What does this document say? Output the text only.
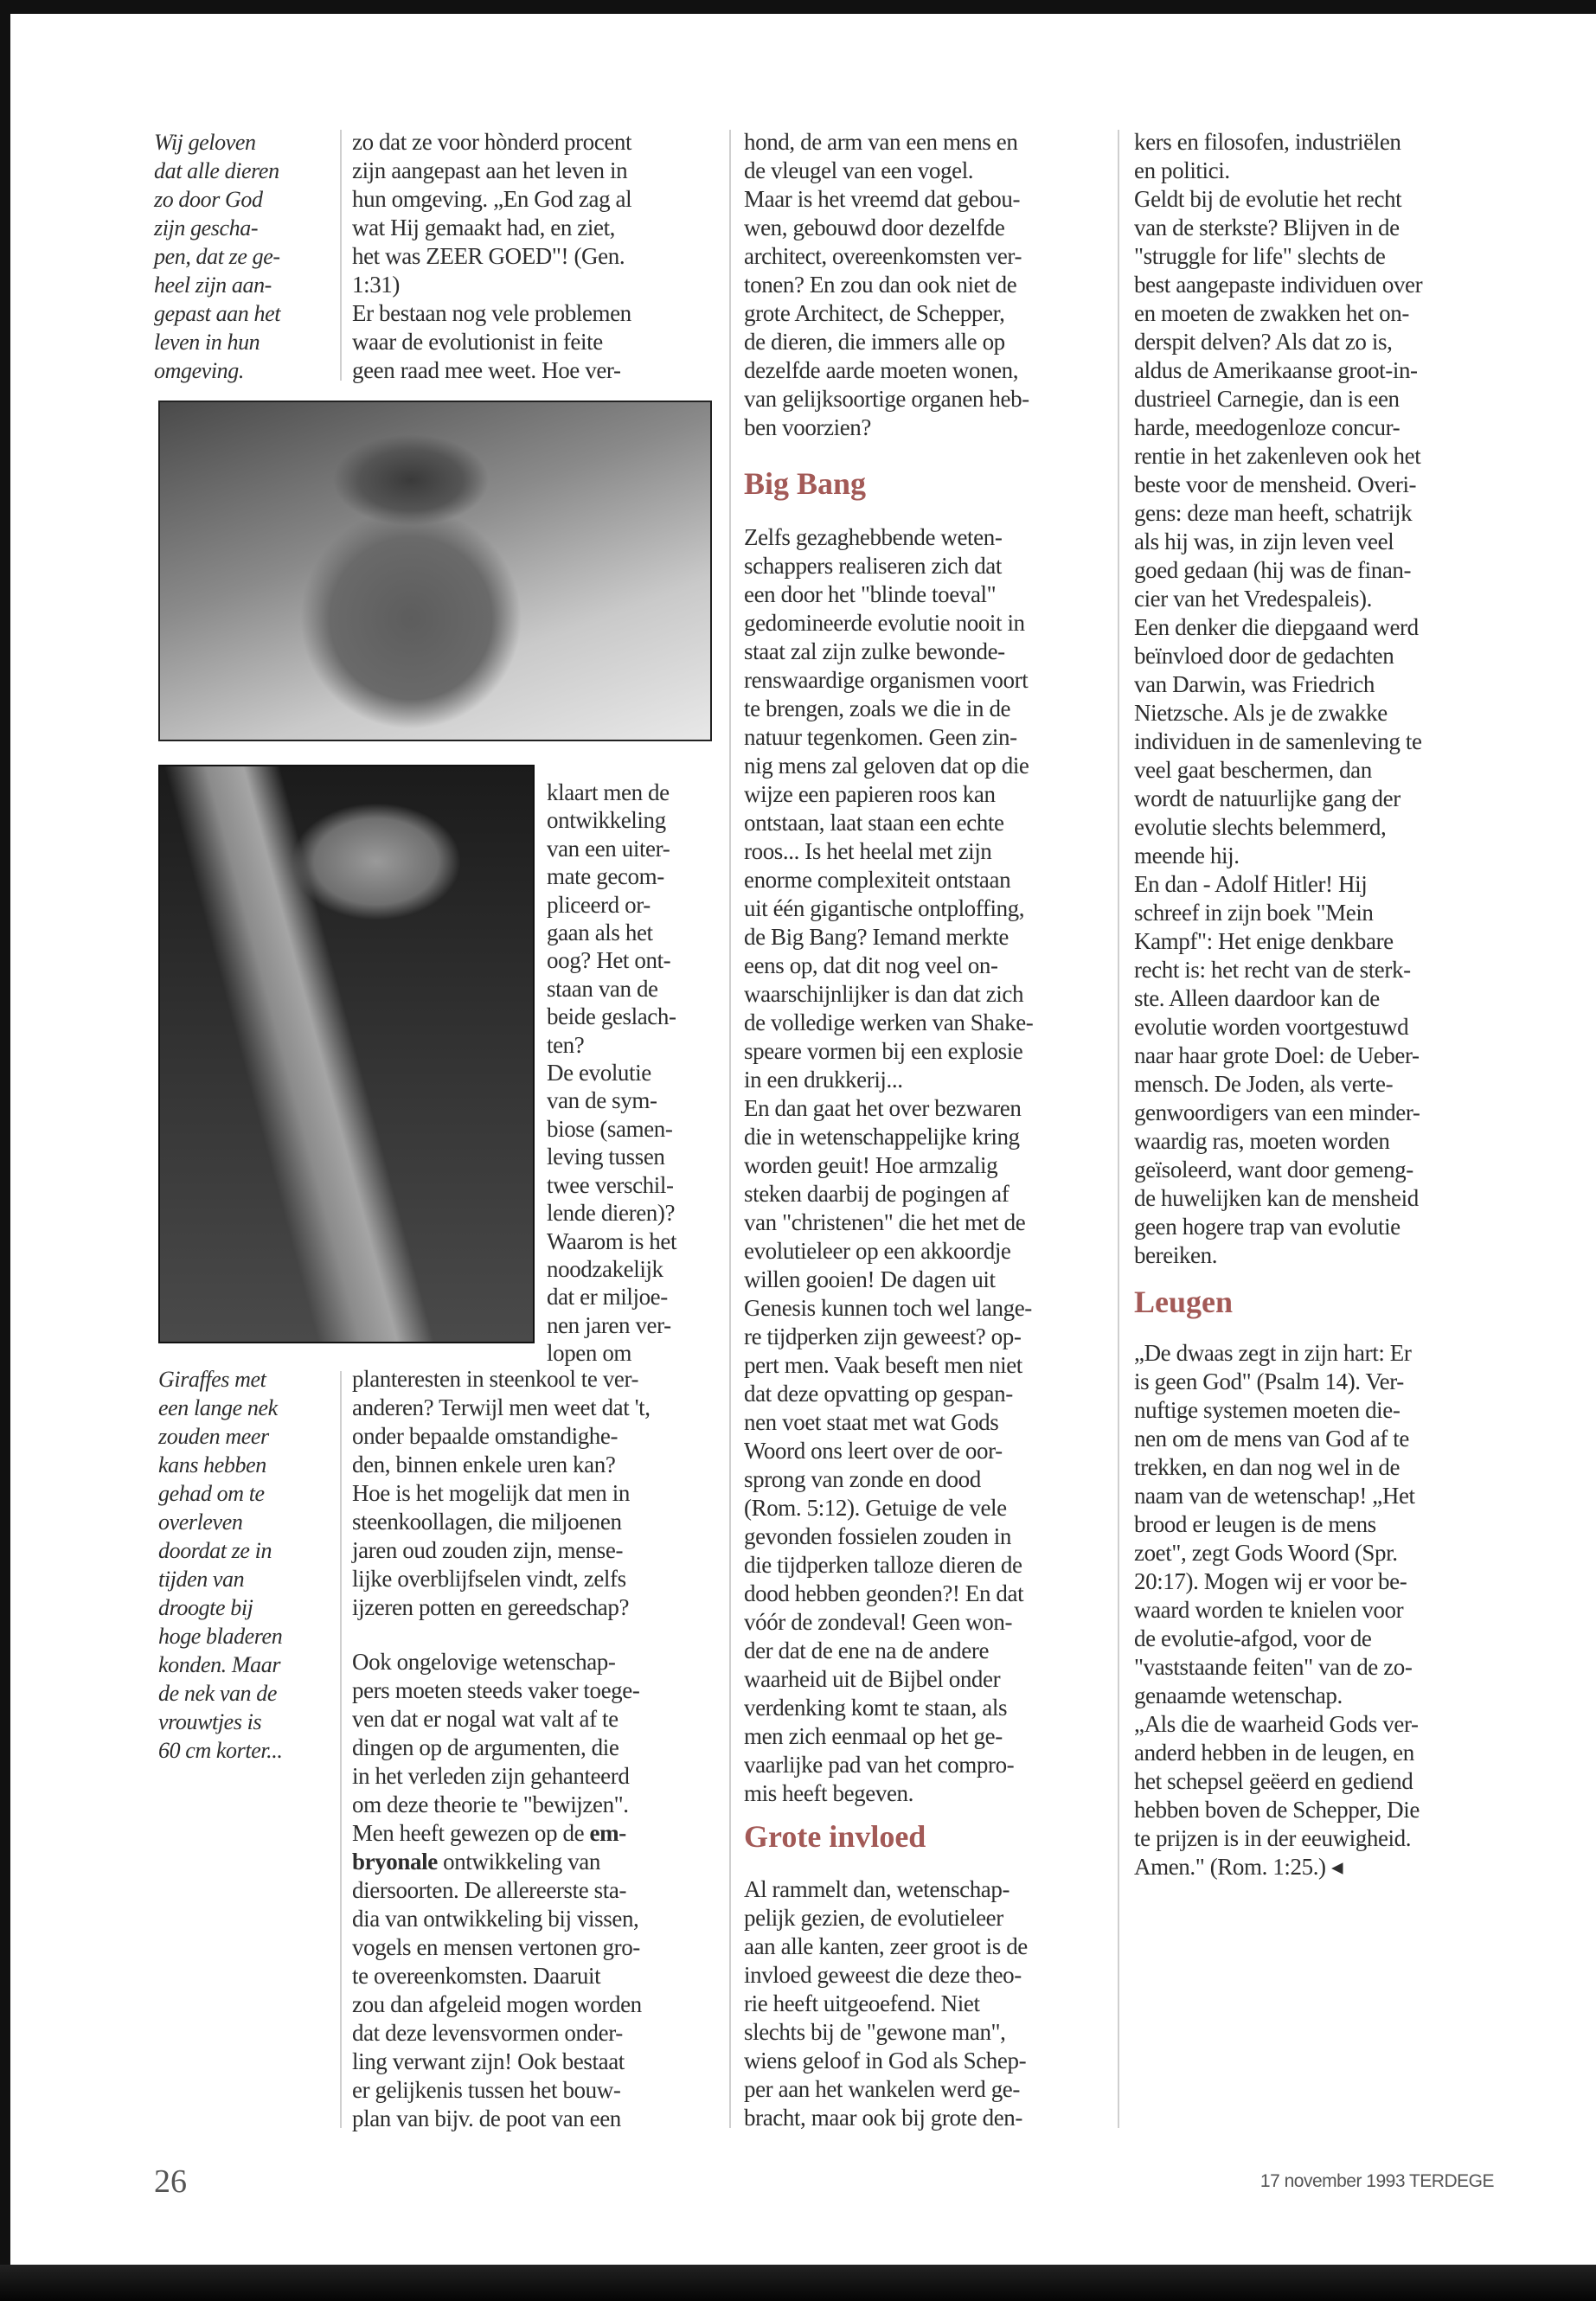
Wij geloven
dat alle dieren
zo door God
zijn gescha-
pen, dat ze ge-
heel zijn aan-
gepast aan het
leven in hun
omgeving.
zo dat ze voor hònderd procent
zijn aangepast aan het leven in
hun omgeving. „En God zag al
wat Hij gemaakt had, en ziet,
het was ZEER GOED"! (Gen.
1:31)
Er bestaan nog vele problemen
waar de evolutionist in feite
geen raad mee weet. Hoe ver-
klaart men de
ontwikkeling
van een uiter-
mate gecom-
pliceerd or-
gaan als het
oog? Het ont-
staan van de
beide geslach-
ten?
De evolutie
van de sym-
biose (samen-
leving tussen
twee verschil-
lende dieren)?
Waarom is het
noodzakelijk
dat er miljoe-
nen jaren ver-
lopen om
Giraffes met
een lange nek
zouden meer
kans hebben
gehad om te
overleven
doordat ze in
tijden van
droogte bij
hoge bladeren
konden. Maar
de nek van de
vrouwtjes is
60 cm korter...
planteresten in steenkool te ver-
anderen? Terwijl men weet dat 't,
onder bepaalde omstandighe-
den, binnen enkele uren kan?
Hoe is het mogelijk dat men in
steenkoollagen, die miljoenen
jaren oud zouden zijn, mense-
lijke overblijfselen vindt, zelfs
ijzeren potten en gereedschap?
Ook ongelovige wetenschap-
pers moeten steeds vaker toege-
ven dat er nogal wat valt af te
dingen op de argumenten, die
in het verleden zijn gehanteerd
om deze theorie te "bewijzen".
Men heeft gewezen op de em-
bryonale ontwikkeling van
diersoorten. De allereerste sta-
dia van ontwikkeling bij vissen,
vogels en mensen vertonen gro-
te overeenkomsten. Daaruit
zou dan afgeleid mogen worden
dat deze levensvormen onder-
ling verwant zijn! Ook bestaat
er gelijkenis tussen het bouw-
plan van bijv. de poot van een
hond, de arm van een mens en
de vleugel van een vogel.
Maar is het vreemd dat gebou-
wen, gebouwd door dezelfde
architect, overeenkomsten ver-
tonen? En zou dan ook niet de
grote Architect, de Schepper,
de dieren, die immers alle op
dezelfde aarde moeten wonen,
van gelijksoortige organen heb-
ben voorzien?
Big Bang
Zelfs gezaghebbende weten-
schappers realiseren zich dat
een door het "blinde toeval"
gedomineerde evolutie nooit in
staat zal zijn zulke bewonde-
renswaardige organismen voort
te brengen, zoals we die in de
natuur tegenkomen. Geen zin-
nig mens zal geloven dat op die
wijze een papieren roos kan
ontstaan, laat staan een echte
roos... Is het heelal met zijn
enorme complexiteit ontstaan
uit één gigantische ontploffing,
de Big Bang? Iemand merkte
eens op, dat dit nog veel on-
waarschijnlijker is dan dat zich
de volledige werken van Shake-
speare vormen bij een explosie
in een drukkerij...
En dan gaat het over bezwaren
die in wetenschappelijke kring
worden geuit! Hoe armzalig
steken daarbij de pogingen af
van "christenen" die het met de
evolutieleer op een akkoordje
willen gooien! De dagen uit
Genesis kunnen toch wel lange-
re tijdperken zijn geweest? op-
pert men. Vaak beseft men niet
dat deze opvatting op gespan-
nen voet staat met wat Gods
Woord ons leert over de oor-
sprong van zonde en dood
(Rom. 5:12). Getuige de vele
gevonden fossielen zouden in
die tijdperken talloze dieren de
dood hebben geonden?! En dat
vóór de zondeval! Geen won-
der dat de ene na de andere
waarheid uit de Bijbel onder
verdenking komt te staan, als
men zich eenmaal op het ge-
vaarlijke pad van het compro-
mis heeft begeven.
Grote invloed
Al rammelt dan, wetenschap-
pelijk gezien, de evolutieleer
aan alle kanten, zeer groot is de
invloed geweest die deze theo-
rie heeft uitgeoefend. Niet
slechts bij de "gewone man",
wiens geloof in God als Schep-
per aan het wankelen werd ge-
bracht, maar ook bij grote den-
kers en filosofen, industriëlen
en politici.
Geldt bij de evolutie het recht
van de sterkste? Blijven in de
"struggle for life" slechts de
best aangepaste individuen over
en moeten de zwakken het on-
derspit delven? Als dat zo is,
aldus de Amerikaanse groot-in-
dustrieel Carnegie, dan is een
harde, meedogenloze concur-
rentie in het zakenleven ook het
beste voor de mensheid. Overi-
gens: deze man heeft, schatrijk
als hij was, in zijn leven veel
goed gedaan (hij was de finan-
cier van het Vredespaleis).
Een denker die diepgaand werd
beïnvloed door de gedachten
van Darwin, was Friedrich
Nietzsche. Als je de zwakke
individuen in de samenleving te
veel gaat beschermen, dan
wordt de natuurlijke gang der
evolutie slechts belemmerd,
meende hij.
En dan - Adolf Hitler! Hij
schreef in zijn boek "Mein
Kampf": Het enige denkbare
recht is: het recht van de sterk-
ste. Alleen daardoor kan de
evolutie worden voortgestuwd
naar haar grote Doel: de Ueber-
mensch. De Joden, als verte-
genwoordigers van een minder-
waardig ras, moeten worden
geïsoleerd, want door gemeng-
de huwelijken kan de mensheid
geen hogere trap van evolutie
bereiken.
Leugen
„De dwaas zegt in zijn hart: Er
is geen God" (Psalm 14). Ver-
nuftige systemen moeten die-
nen om de mens van God af te
trekken, en dan nog wel in de
naam van de wetenschap! „Het
brood er leugen is de mens
zoet", zegt Gods Woord (Spr.
20:17). Mogen wij er voor be-
waard worden te knielen voor
de evolutie-afgod, voor de
"vaststaande feiten" van de zo-
genaamde wetenschap.
„Als die de waarheid Gods ver-
anderd hebben in de leugen, en
het schepsel geëerd en gediend
hebben boven de Schepper, Die
te prijzen is in der eeuwigheid.
Amen." (Rom. 1:25.) ◂
26	17 november 1993 TERDEGE
